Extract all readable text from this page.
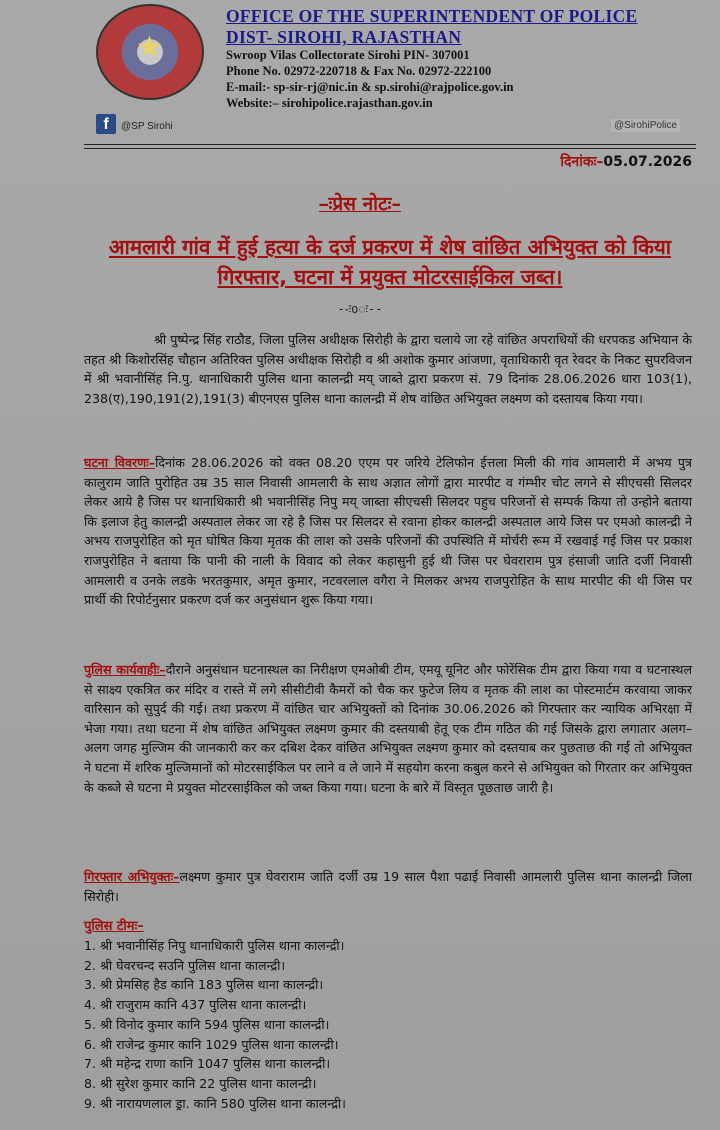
★
OFFICE OF THE SUPERINTENDENT OF POLICE
DIST- SIROHI, RAJASTHAN
Swroop Vilas Collectorate Sirohi PIN- 307001
Phone No. 02972-220718 & Fax No. 02972-222100
E-mail:- sp-sir-rj@nic.in & sp.sirohi@rajpolice.gov.in
Website:– sirohipolice.rajasthan.gov.in
f	@SP Sirohi	@SirohiPolice
दिनांकः–05.07.2026
–ःप्रेस नोटः–
आमलारी गांव में हुई हत्या के दर्ज प्रकरण में शेष वांछित अभियुक्त को किया गिरफ्तार, घटना में प्रयुक्त मोटरसाईकिल जब्त।
--ःoः--
श्री पुष्पेन्द्र सिंह राठौड, जिला पुलिस अधीक्षक सिरोही के द्वारा चलाये जा रहे वांछित अपराधियों की धरपकड अभियान के तहत श्री किशोरसिंह चौहान अतिरिक्त पुलिस अधीक्षक सिरोही व श्री अशोक कुमार आंजणा, वृताधिकारी वृत रेवदर के निकट सुपरविजन में श्री भवानीसिंह नि.पु. थानाधिकारी पुलिस थाना कालन्द्री मय् जाब्ते द्वारा प्रकरण सं. 79 दिनांक 28.06.2026 धारा 103(1), 238(ए),190,191(2),191(3) बीएनएस पुलिस थाना कालन्द्री में शेष वांछित अभियुक्त लक्ष्मण को दस्तायब किया गया।
घटना विवरणः–दिनांक 28.06.2026 को वक्त 08.20 एएम पर जरिये टेलिफोन ईत्तला मिली की गांव आमलारी में अभय पुत्र कालुराम जाति पुरोहित उम्र 35 साल निवासी आमलारी के साथ अज्ञात लोगों द्वारा मारपीट व गंम्भीर चोट लगने से सीएचसी सिलदर लेकर आये है जिस पर थानाधिकारी श्री भवानीसिंह निपु मय् जाब्ता सीएचसी सिलदर पहुच परिजनों से सम्पर्क किया तो उन्होने बताया कि इलाज हेतु कालन्द्री अस्पताल लेकर जा रहे है जिस पर सिलदर से रवाना होकर कालन्द्री अस्पताल आये जिस पर एमओ कालन्द्री ने अभय राजपुरोहित को मृत घोषित किया मृतक की लाश को उसके परिजनों की उपस्थिति में मोर्चरी रूम में रखवाई गई जिस पर प्रकाश राजपुरोहित ने बताया कि पानी की नाली के विवाद को लेकर कहासुनी हुई थी जिस पर घेवराराम पुत्र हंसाजी जाति दर्जी निवासी आमलारी व उनके लडके भरतकुमार, अमृत कुमार, नटवरलाल वगैरा ने मिलकर अभय राजपुरोहित के साथ मारपीट की थी जिस पर प्रार्थी की रिपोर्टनुसार प्रकरण दर्ज कर अनुसंधान शुरू किया गया।
पुलिस कार्यवाहीः–दौराने अनुसंधान घटनास्थल का निरीक्षण एमओबी टीम, एमयू यूनिट और फोरेंसिक टीम द्वारा किया गया व घटनास्थल से साक्ष्य एकत्रित कर मंदिर व रास्ते में लगे सीसीटीवी कैमरों को चैक कर फुटेज लिय व मृतक की लाश का पोस्टमार्टम करवाया जाकर वारिसान को सुपुर्द की गई। तथा प्रकरण में वांछित चार अभियुक्तों को दिनांक 30.06.2026 को गिरफ्तार कर न्यायिक अभिरक्षा में भेजा गया। तथा घटना में शेष वांछित अभियुक्त लक्ष्मण कुमार की दस्तयाबी हेतू एक टीम गठित की गई जिसके द्वारा लगातार अलग–अलग जगह मुल्जिम की जानकारी कर कर दबिश देकर वांछित अभियुक्त लक्ष्मण कुमार को दस्तयाब कर पुछताछ की गई तो अभियुक्त ने घटना में शरिक मुल्जिमानों को मोटरसाईकिल पर लाने व ले जाने में सहयोग करना कबुल करने से अभियुक्त को गिरतार कर अभियुक्त के कब्जे से घटना मे प्रयुक्त मोटरसाईकिल को जब्त किया गया। घटना के बारे में विस्तृत पूछताछ जारी है।
गिरफ्तार अभियुक्तः–लक्ष्मण कुमार पुत्र घेवराराम जाति दर्जी उम्र 19 साल पैशा पढाई निवासी आमलारी पुलिस थाना कालन्द्री जिला सिरोही।
पुलिस टीमः–
1. श्री भवानीसिंह निपु थानाधिकारी पुलिस थाना कालन्द्री।
2. श्री घेवरचन्द सउनि पुलिस थाना कालन्द्री।
3. श्री प्रेमसिह हैड कानि 183 पुलिस थाना कालन्द्री।
4. श्री राजुराम कानि 437 पुलिस थाना कालन्द्री।
5. श्री विनोद कुमार कानि 594 पुलिस थाना कालन्द्री।
6. श्री राजेन्द्र कुमार कानि 1029 पुलिस थाना कालन्द्री।
7. श्री महेन्द्र राणा कानि 1047 पुलिस थाना कालन्द्री।
8. श्री सुरेश कुमार कानि 22 पुलिस थाना कालन्द्री।
9. श्री नारायणलाल ड्रा. कानि 580 पुलिस थाना कालन्द्री।
